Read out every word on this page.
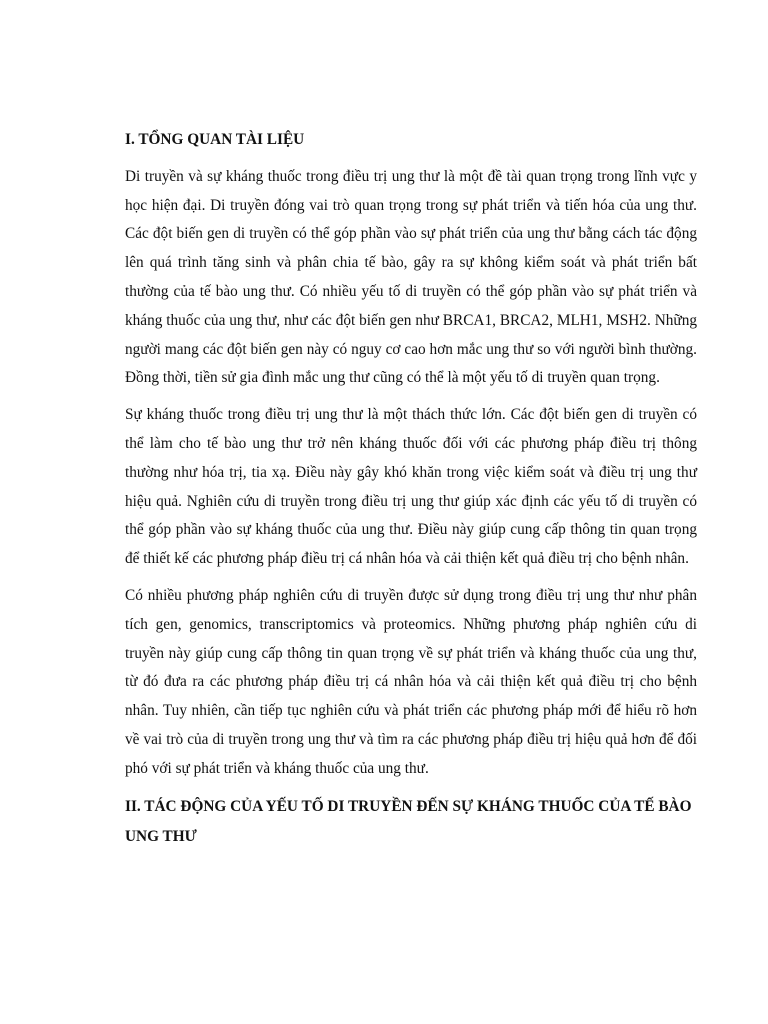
I. TỔNG QUAN TÀI LIỆU

Di truyền và sự kháng thuốc trong điều trị ung thư là một đề tài quan trọng trong lĩnh vực y học hiện đại. Di truyền đóng vai trò quan trọng trong sự phát triển và tiến hóa của ung thư. Các đột biến gen di truyền có thể góp phần vào sự phát triển của ung thư bằng cách tác động lên quá trình tăng sinh và phân chia tế bào, gây ra sự không kiểm soát và phát triển bất thường của tế bào ung thư. Có nhiều yếu tố di truyền có thể góp phần vào sự phát triển và kháng thuốc của ung thư, như các đột biến gen như BRCA1, BRCA2, MLH1, MSH2. Những người mang các đột biến gen này có nguy cơ cao hơn mắc ung thư so với người bình thường. Đồng thời, tiền sử gia đình mắc ung thư cũng có thể là một yếu tố di truyền quan trọng.

Sự kháng thuốc trong điều trị ung thư là một thách thức lớn. Các đột biến gen di truyền có thể làm cho tế bào ung thư trở nên kháng thuốc đối với các phương pháp điều trị thông thường như hóa trị, tia xạ. Điều này gây khó khăn trong việc kiểm soát và điều trị ung thư hiệu quả. Nghiên cứu di truyền trong điều trị ung thư giúp xác định các yếu tố di truyền có thể góp phần vào sự kháng thuốc của ung thư. Điều này giúp cung cấp thông tin quan trọng để thiết kế các phương pháp điều trị cá nhân hóa và cải thiện kết quả điều trị cho bệnh nhân.

Có nhiều phương pháp nghiên cứu di truyền được sử dụng trong điều trị ung thư như phân tích gen, genomics, transcriptomics và proteomics. Những phương pháp nghiên cứu di truyền này giúp cung cấp thông tin quan trọng về sự phát triển và kháng thuốc của ung thư, từ đó đưa ra các phương pháp điều trị cá nhân hóa và cải thiện kết quả điều trị cho bệnh nhân. Tuy nhiên, cần tiếp tục nghiên cứu và phát triển các phương pháp mới để hiểu rõ hơn về vai trò của di truyền trong ung thư và tìm ra các phương pháp điều trị hiệu quả hơn để đối phó với sự phát triển và kháng thuốc của ung thư.

II. TÁC ĐỘNG CỦA YẾU TỐ DI TRUYỀN ĐẾN SỰ KHÁNG THUỐC CỦA TẾ BÀO UNG THƯ
